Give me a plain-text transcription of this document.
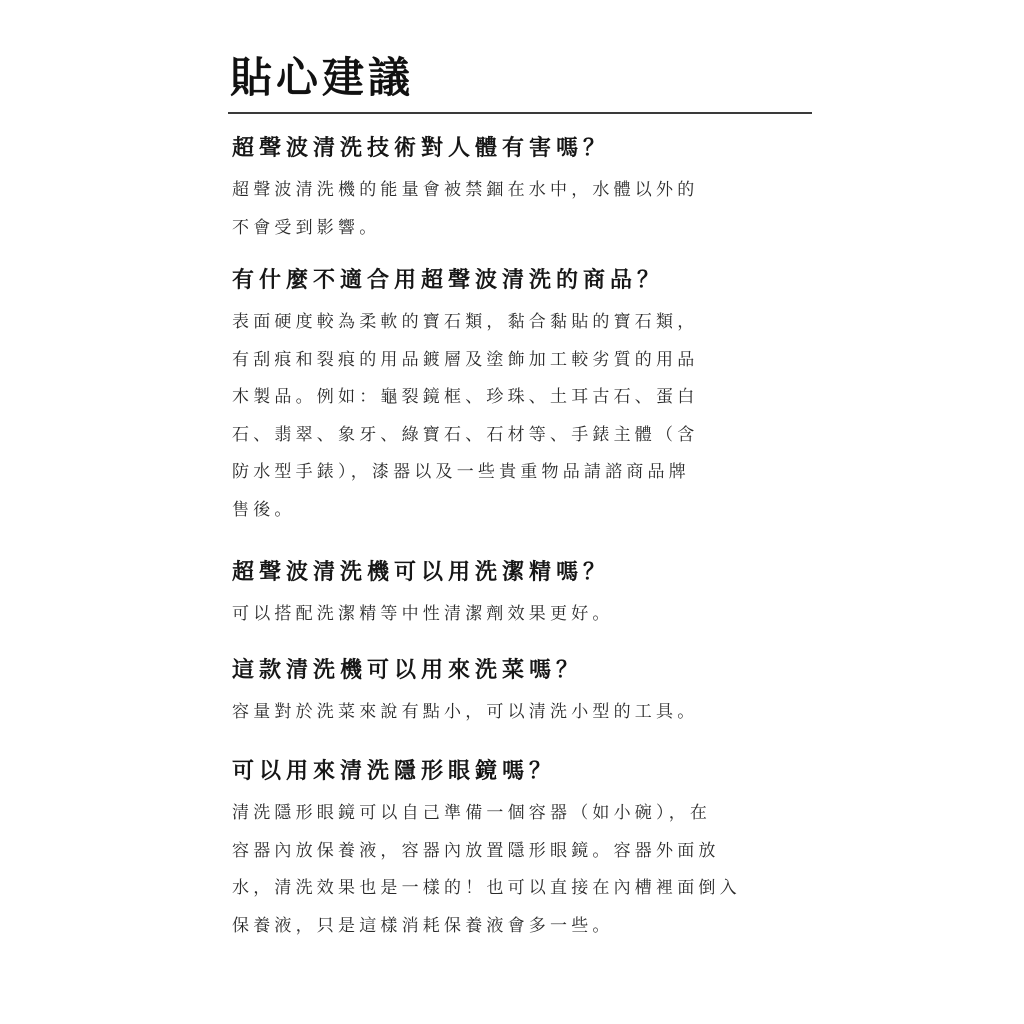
貼心建議
超聲波清洗技術對人體有害嗎？

超聲波清洗機的能量會被禁錮在水中，水體以外的
不會受到影響。

有什麼不適合用超聲波清洗的商品？

表面硬度較為柔軟的寶石類，黏合黏貼的寶石類，
有刮痕和裂痕的用品鍍層及塗飾加工較劣質的用品
木製品。例如：龜裂鏡框、珍珠、土耳古石、蛋白
石、翡翠、象牙、綠寶石、石材等、手錶主體（含
防水型手錶），漆器以及一些貴重物品請諮商品牌
售後。

超聲波清洗機可以用洗潔精嗎？

可以搭配洗潔精等中性清潔劑效果更好。

這款清洗機可以用來洗菜嗎？

容量對於洗菜來說有點小，可以清洗小型的工具。

可以用來清洗隱形眼鏡嗎？

清洗隱形眼鏡可以自己準備一個容器（如小碗），在
容器內放保養液，容器內放置隱形眼鏡。容器外面放
水，清洗效果也是一樣的！也可以直接在內槽裡面倒入
保養液，只是這樣消耗保養液會多一些。
